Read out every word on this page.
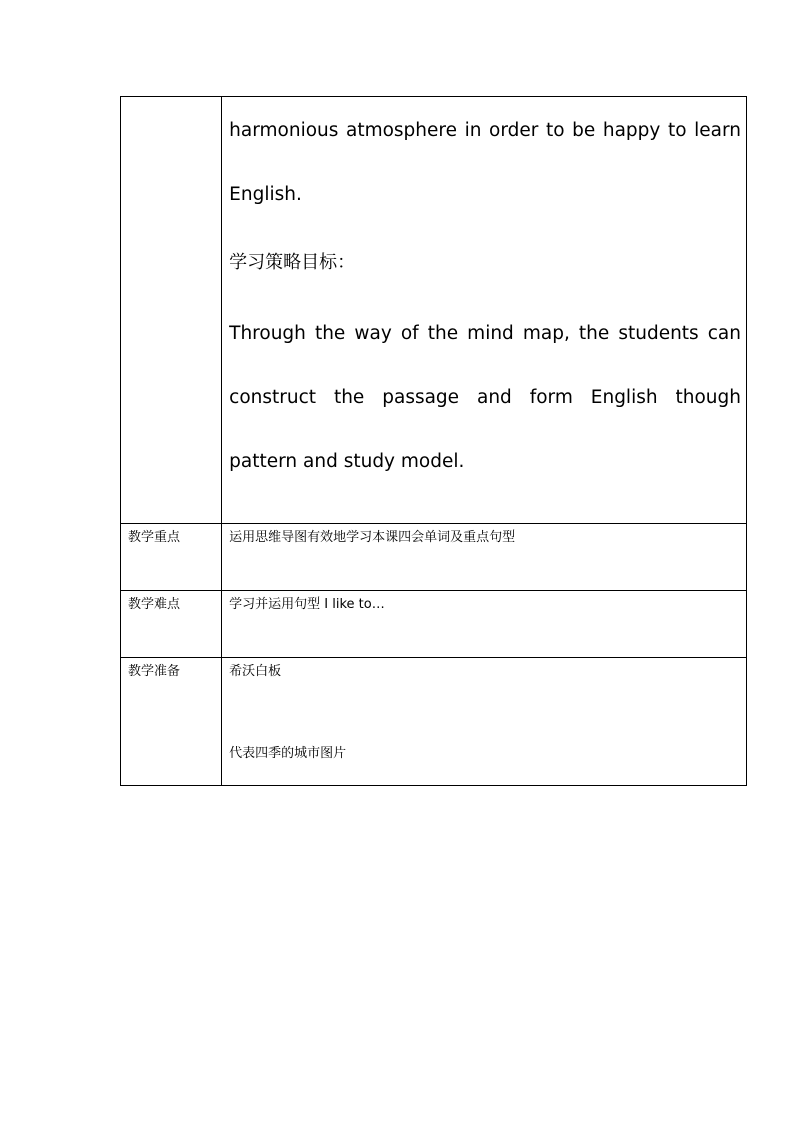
	harmonious atmosphere in order to be happy to learn English.

学习策略目标：

Through the way of the mind map, the students can construct the passage and form English though pattern and study model.

教学重点	运用思维导图有效地学习本课四会单词及重点句型
教学难点	学习并运用句型 I like to…
教学准备	希沃白板

代表四季的城市图片
